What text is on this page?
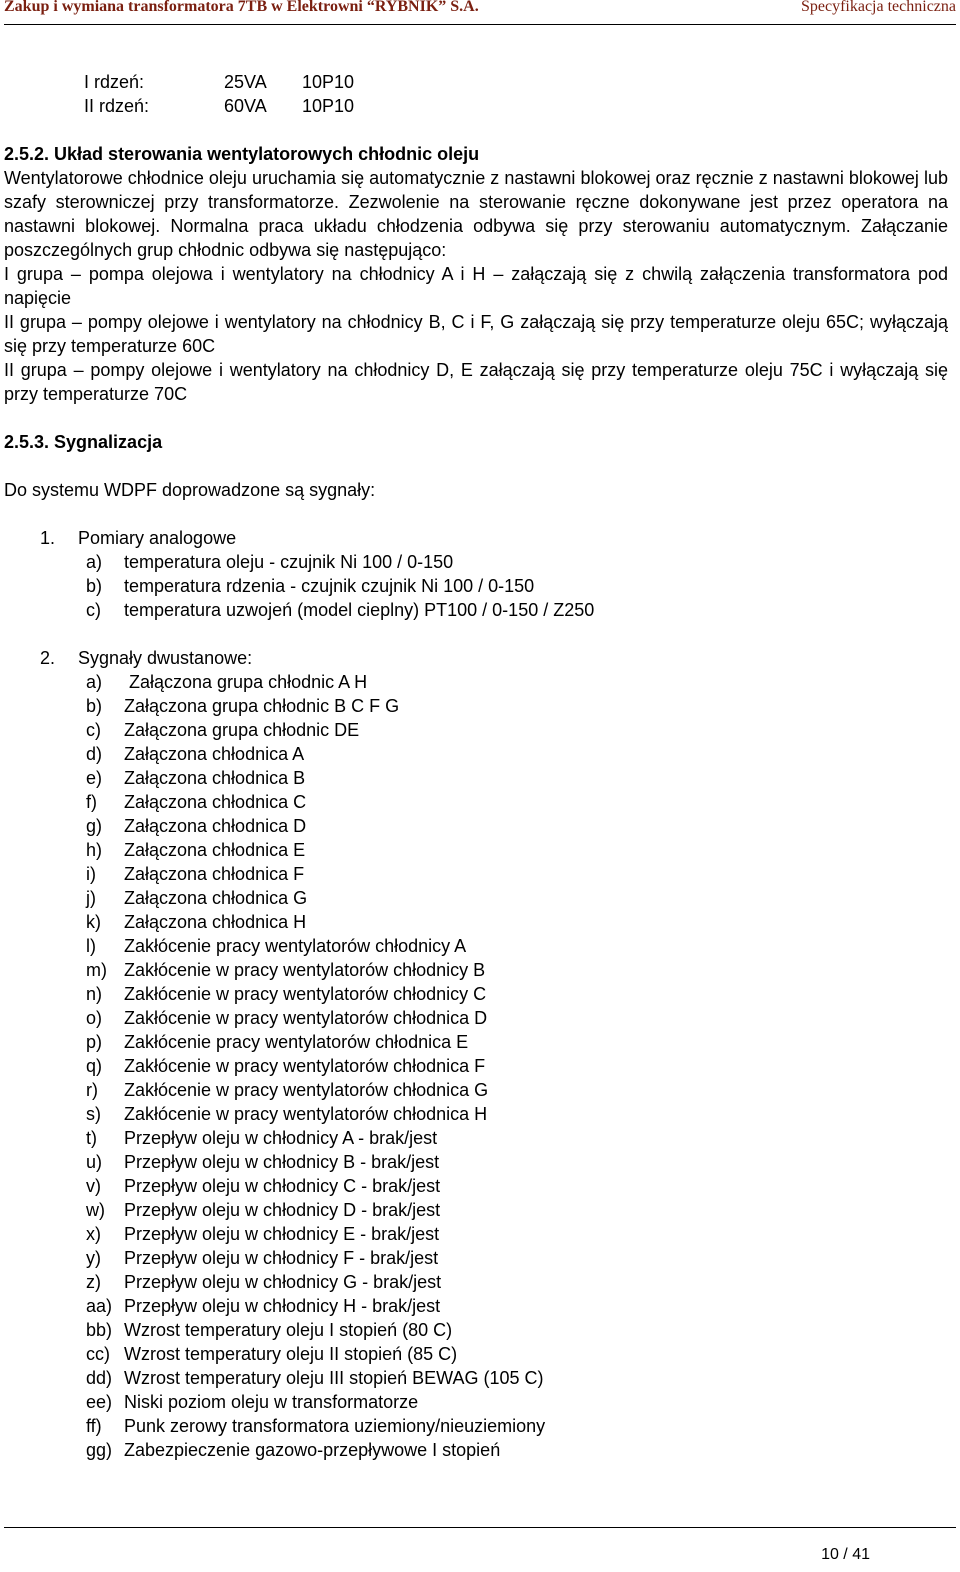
Zakup i wymiana transformatora 7TB w Elektrowni “RYBNIK” S.A.	Specyfikacja techniczna
I rdzeń:	25VA	10P10
II rdzeń:	60VA	10P10
2.5.2. Układ sterowania wentylatorowych chłodnic oleju

Wentylatorowe chłodnice oleju uruchamia się automatycznie z nastawni blokowej oraz ręcznie z nastawni blokowej lub szafy sterowniczej przy transformatorze. Zezwolenie na sterowanie ręczne dokonywane jest przez operatora na nastawni blokowej. Normalna praca układu chłodzenia odbywa się przy sterowaniu automatycznym. Załączanie poszczególnych grup chłodnic odbywa się następująco:

I grupa – pompa olejowa i wentylatory na chłodnicy A i H – załączają się z chwilą załączenia transformatora pod napięcie

II grupa – pompy olejowe i wentylatory na chłodnicy B, C i F, G załączają się przy temperaturze oleju 65C; wyłączają się przy temperaturze 60C

II grupa – pompy olejowe i wentylatory na chłodnicy D, E załączają się przy temperaturze oleju 75C i wyłączają się przy temperaturze 70C

2.5.3. Sygnalizacja
Do systemu WDPF doprowadzone są sygnały:
1.	Pomiary analogowe
a)	temperatura oleju - czujnik Ni 100 / 0-150
b)	temperatura rdzenia - czujnik czujnik Ni 100 / 0-150
c)	temperatura uzwojeń (model cieplny) PT100 / 0-150 / Z250
2.	Sygnały dwustanowe:
a)	Załączona grupa chłodnic A H
b)	Załączona grupa chłodnic B C F G
c)	Załączona grupa chłodnic DE
d)	Załączona chłodnica A
e)	Załączona chłodnica B
f)	Załączona chłodnica C
g)	Załączona chłodnica D
h)	Załączona chłodnica E
i)	Załączona chłodnica F
j)	Załączona chłodnica G
k)	Załączona chłodnica H
l)	Zakłócenie pracy wentylatorów chłodnicy A
m) Zakłócenie w pracy wentylatorów chłodnicy B
n)	Zakłócenie w pracy wentylatorów chłodnicy C
o)	Zakłócenie w pracy wentylatorów chłodnica D
p)	Zakłócenie pracy wentylatorów chłodnica E
q)	Zakłócenie w pracy wentylatorów chłodnica F
r)	Zakłócenie w pracy wentylatorów chłodnica G
s)	Zakłócenie w pracy wentylatorów chłodnica H
t)	Przepływ oleju w chłodnicy A - brak/jest
u)	Przepływ oleju w chłodnicy B - brak/jest
v)	Przepływ oleju w chłodnicy C - brak/jest
w)	Przepływ oleju w chłodnicy D - brak/jest
x)	Przepływ oleju w chłodnicy E - brak/jest
y)	Przepływ oleju w chłodnicy F - brak/jest
z)	Przepływ oleju w chłodnicy G - brak/jest
aa) Przepływ oleju w chłodnicy H - brak/jest
bb) Wzrost temperatury oleju I stopień (80 C)
cc) Wzrost temperatury oleju II stopień (85 C)
dd) Wzrost temperatury oleju III stopień BEWAG (105 C)
ee) Niski poziom oleju w transformatorze
ff)	Punk zerowy transformatora uziemiony/nieuziemiony
gg) Zabezpieczenie gazowo-przepływowe I stopień
10 / 41
